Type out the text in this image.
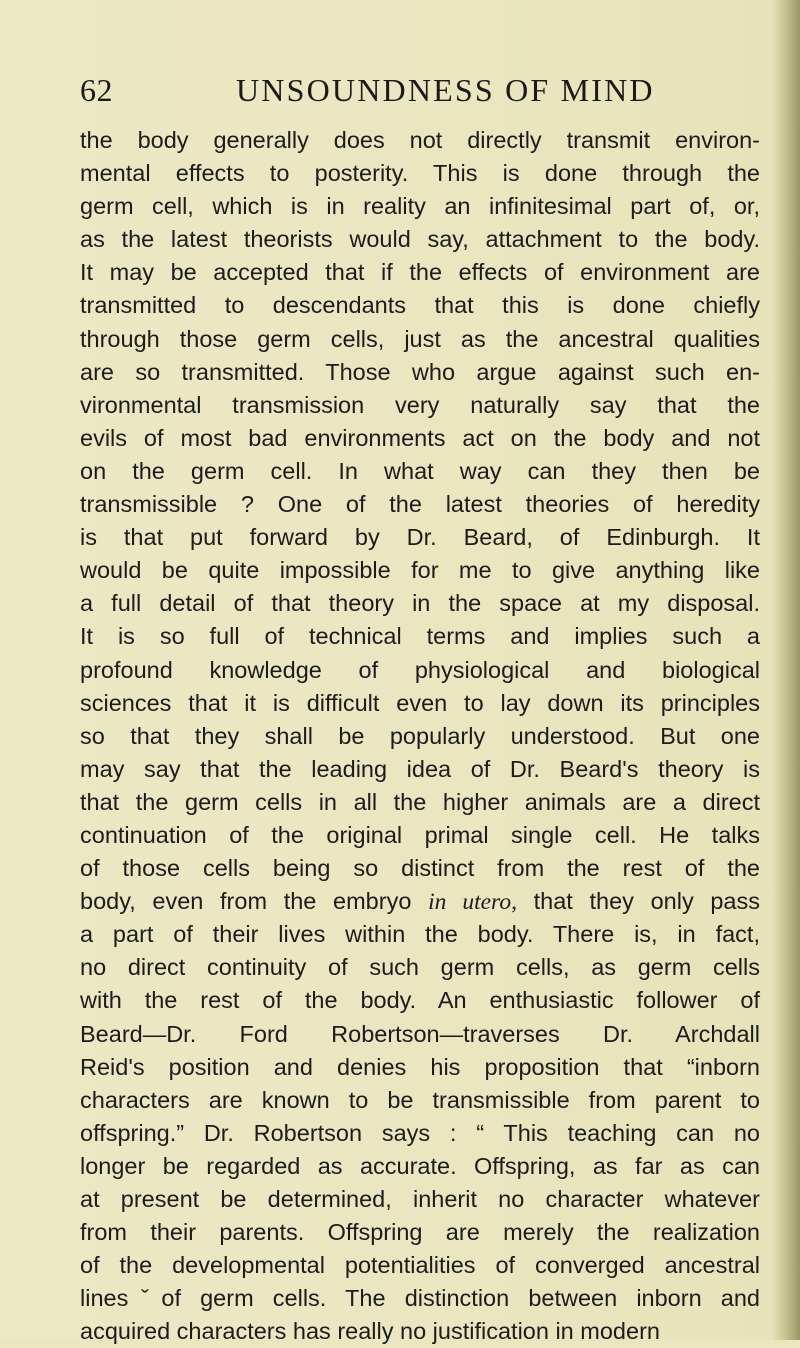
62	UNSOUNDNESS OF MIND
the body generally does not directly transmit environ-
mental effects to posterity. This is done through the
germ cell, which is in reality an infinitesimal part of, or,
as the latest theorists would say, attachment to the body.
It may be accepted that if the effects of environment are
transmitted to descendants that this is done chiefly
through those germ cells, just as the ancestral qualities
are so transmitted. Those who argue against such en-
vironmental transmission very naturally say that the
evils of most bad environments act on the body and not
on the germ cell. In what way can they then be
transmissible ? One of the latest theories of heredity
is that put forward by Dr. Beard, of Edinburgh. It
would be quite impossible for me to give anything like
a full detail of that theory in the space at my disposal.
It is so full of technical terms and implies such a
profound knowledge of physiological and biological
sciences that it is difficult even to lay down its principles
so that they shall be popularly understood. But one
may say that the leading idea of Dr. Beard's theory is
that the germ cells in all the higher animals are a direct
continuation of the original primal single cell. He talks
of those cells being so distinct from the rest of the
body, even from the embryo in utero, that they only pass
a part of their lives within the body. There is, in fact,
no direct continuity of such germ cells, as germ cells
with the rest of the body. An enthusiastic follower of
Beard—Dr. Ford Robertson—traverses Dr. Archdall
Reid's position and denies his proposition that “inborn
characters are known to be transmissible from parent to
offspring.” Dr. Robertson says : “ This teaching can no
longer be regarded as accurate. Offspring, as far as can
at present be determined, inherit no character whatever
from their parents. Offspring are merely the realization
of the developmental potentialities of converged ancestral
linesˇof germ cells. The distinction between inborn and
acquired characters has really no justification in modern
